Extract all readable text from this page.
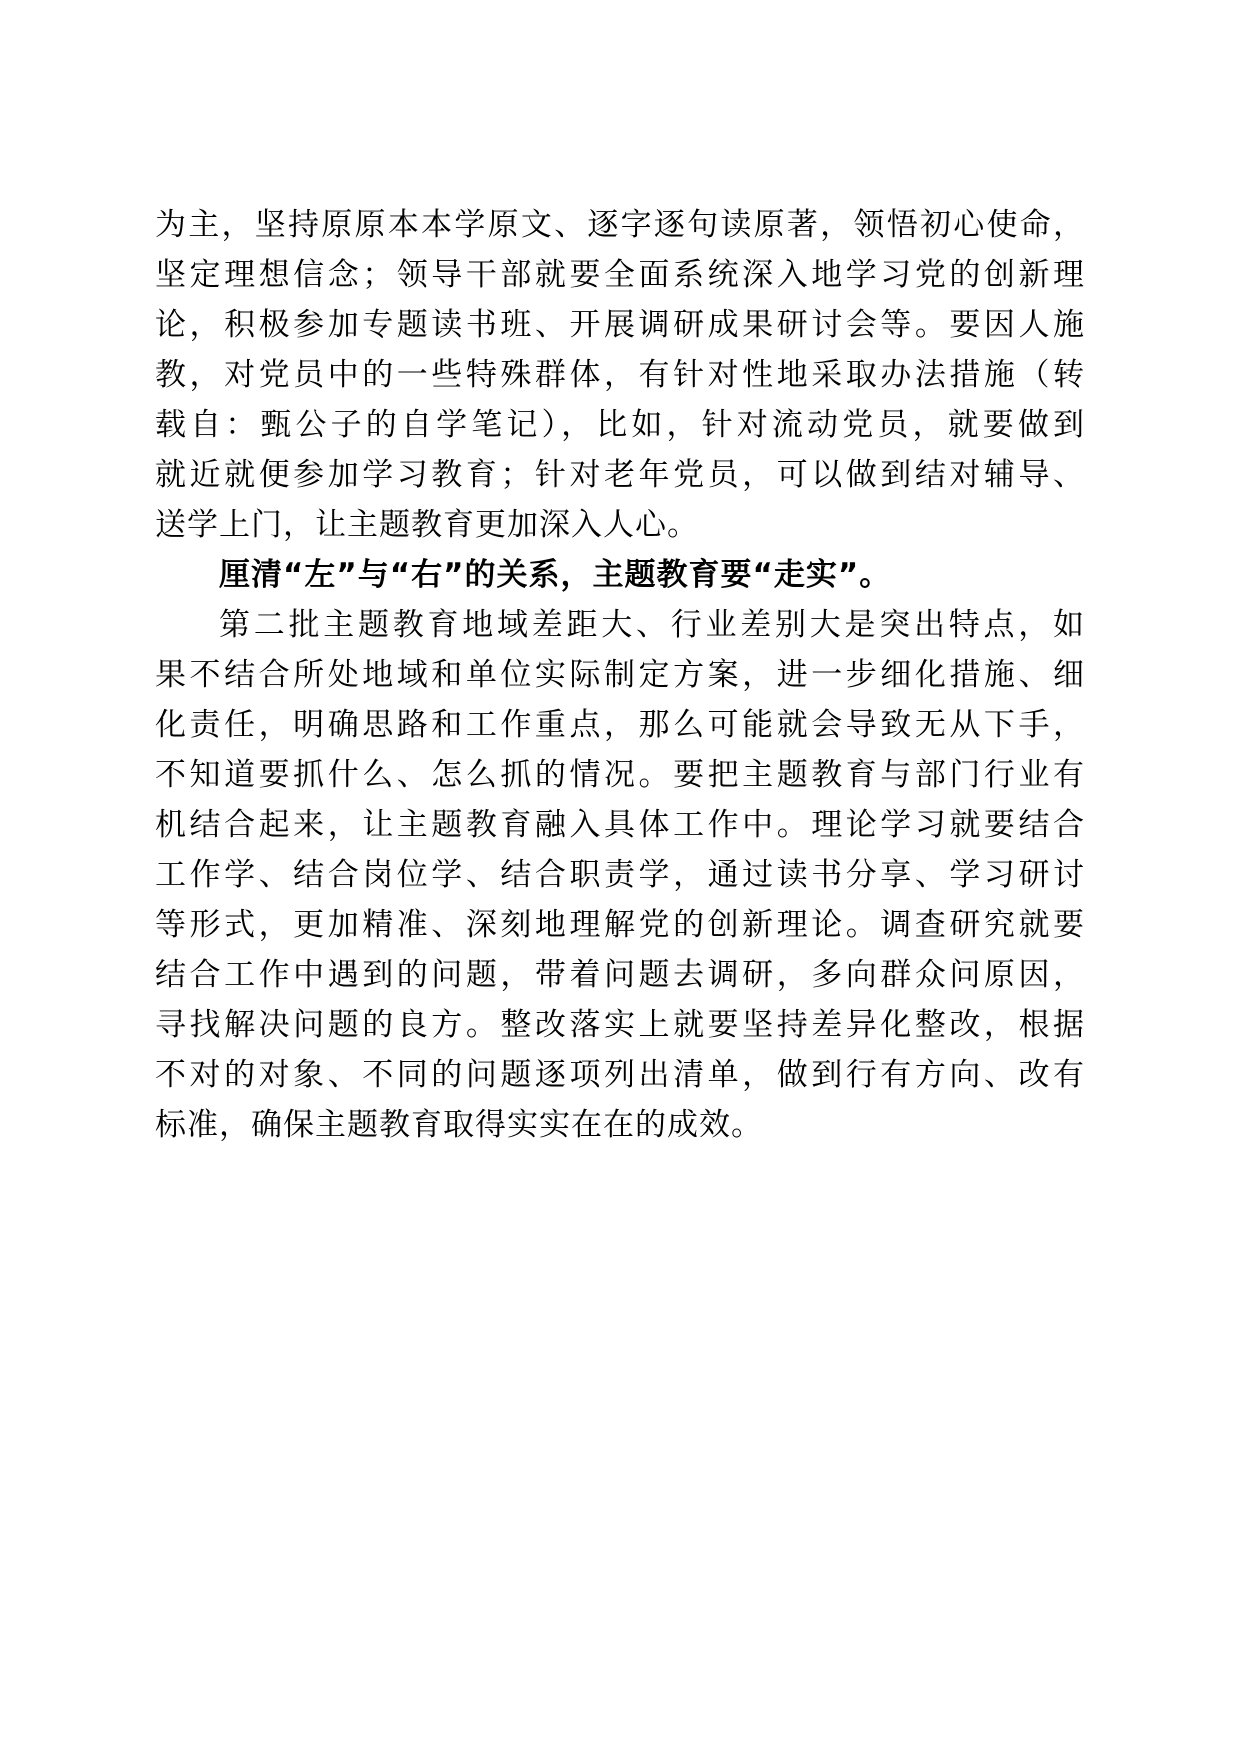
为主，坚持原原本本学原文、逐字逐句读原著，领悟初心使命，
坚定理想信念；领导干部就要全面系统深入地学习党的创新理
论，积极参加专题读书班、开展调研成果研讨会等。要因人施
教，对党员中的一些特殊群体，有针对性地采取办法措施（转
载自：甄公子的自学笔记），比如，针对流动党员，就要做到
就近就便参加学习教育；针对老年党员，可以做到结对辅导、
送学上门，让主题教育更加深入人心。
厘清“左”与“右”的关系，主题教育要“走实”。
第二批主题教育地域差距大、行业差别大是突出特点，如
果不结合所处地域和单位实际制定方案，进一步细化措施、细
化责任，明确思路和工作重点，那么可能就会导致无从下手，
不知道要抓什么、怎么抓的情况。要把主题教育与部门行业有
机结合起来，让主题教育融入具体工作中。理论学习就要结合
工作学、结合岗位学、结合职责学，通过读书分享、学习研讨
等形式，更加精准、深刻地理解党的创新理论。调查研究就要
结合工作中遇到的问题，带着问题去调研，多向群众问原因，
寻找解决问题的良方。整改落实上就要坚持差异化整改，根据
不对的对象、不同的问题逐项列出清单，做到行有方向、改有
标准，确保主题教育取得实实在在的成效。
